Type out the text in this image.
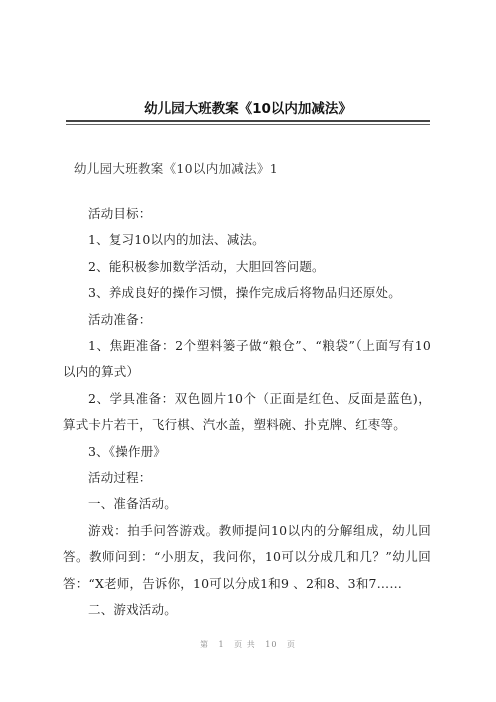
幼儿园大班教案《10以内加减法》
幼儿园大班教案《10以内加减法》1

活动目标：

1、复习10以内的加法、减法。

2、能积极参加数学活动，大胆回答问题。

3、养成良好的操作习惯，操作完成后将物品归还原处。

活动准备：

1、焦距准备：2个塑料篓子做“粮仓”、“粮袋”（上面写有10以内的算式）

2、学具准备：双色圆片10个（正面是红色、反面是蓝色)，算式卡片若干，飞行棋、汽水盖，塑料碗、扑克牌、红枣等。

3、《操作册》

活动过程：

一、准备活动。

游戏：拍手问答游戏。教师提问10以内的分解组成，幼儿回答。教师问到：“小朋友，我问你，10可以分成几和几？”幼儿回答：“X老师，告诉你，10可以分成1和9 、2和8、3和7……

二、游戏活动。

第 1 页 共 10 页
